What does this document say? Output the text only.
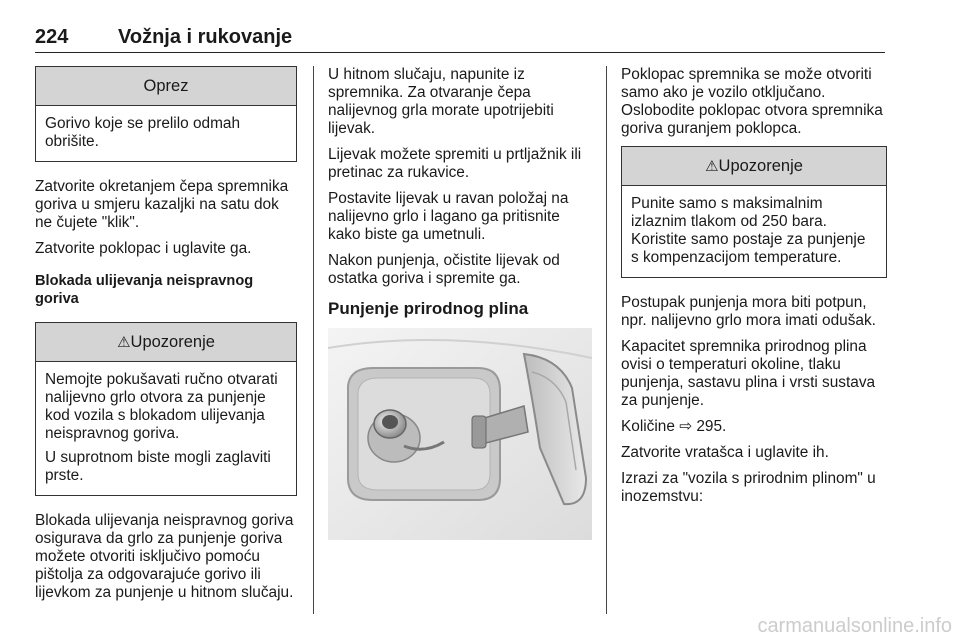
224 Vožnja i rukovanje
Oprez

Gorivo koje se prelilo odmah obrišite.

Zatvorite okretanjem čepa spremnika goriva u smjeru kazaljki na satu dok ne čujete "klik".

Zatvorite poklopac i uglavite ga.

Blokada ulijevanja neispravnog goriva
⚠Upozorenje

Nemojte pokušavati ručno otvarati nalijevno grlo otvora za punjenje kod vozila s blokadom ulijevanja neispravnog goriva.

U suprotnom biste mogli zaglaviti prste.

Blokada ulijevanja neispravnog goriva osigurava da grlo za punjenje goriva možete otvoriti isključivo pomoću pištolja za odgovarajuće gorivo ili lijevkom za punjenje u hitnom slučaju.

U hitnom slučaju, napunite iz spremnika. Za otvaranje čepa nalijevnog grla morate upotrijebiti lijevak.

Lijevak možete spremiti u prtljažnik ili pretinac za rukavice.

Postavite lijevak u ravan položaj na nalijevno grlo i lagano ga pritisnite kako biste ga umetnuli.

Nakon punjenja, očistite lijevak od ostatka goriva i spremite ga.

Punjenje prirodnog plina

Poklopac spremnika se može otvoriti samo ako je vozilo otključano. Oslobodite poklopac otvora spremnika goriva guranjem poklopca.

⚠Upozorenje

Punite samo s maksimalnim izlaznim tlakom od 250 bara. Koristite samo postaje za punjenje s kompenzacijom temperature.

Postupak punjenja mora biti potpun, npr. nalijevno grlo mora imati odušak.

Kapacitet spremnika prirodnog plina ovisi o temperaturi okoline, tlaku punjenja, sastavu plina i vrsti sustava za punjenje.

Količine ⇨ 295.

Zatvorite vratašca i uglavite ih.

Izrazi za "vozila s prirodnim plinom" u inozemstvu:

carmanualsonline.info
